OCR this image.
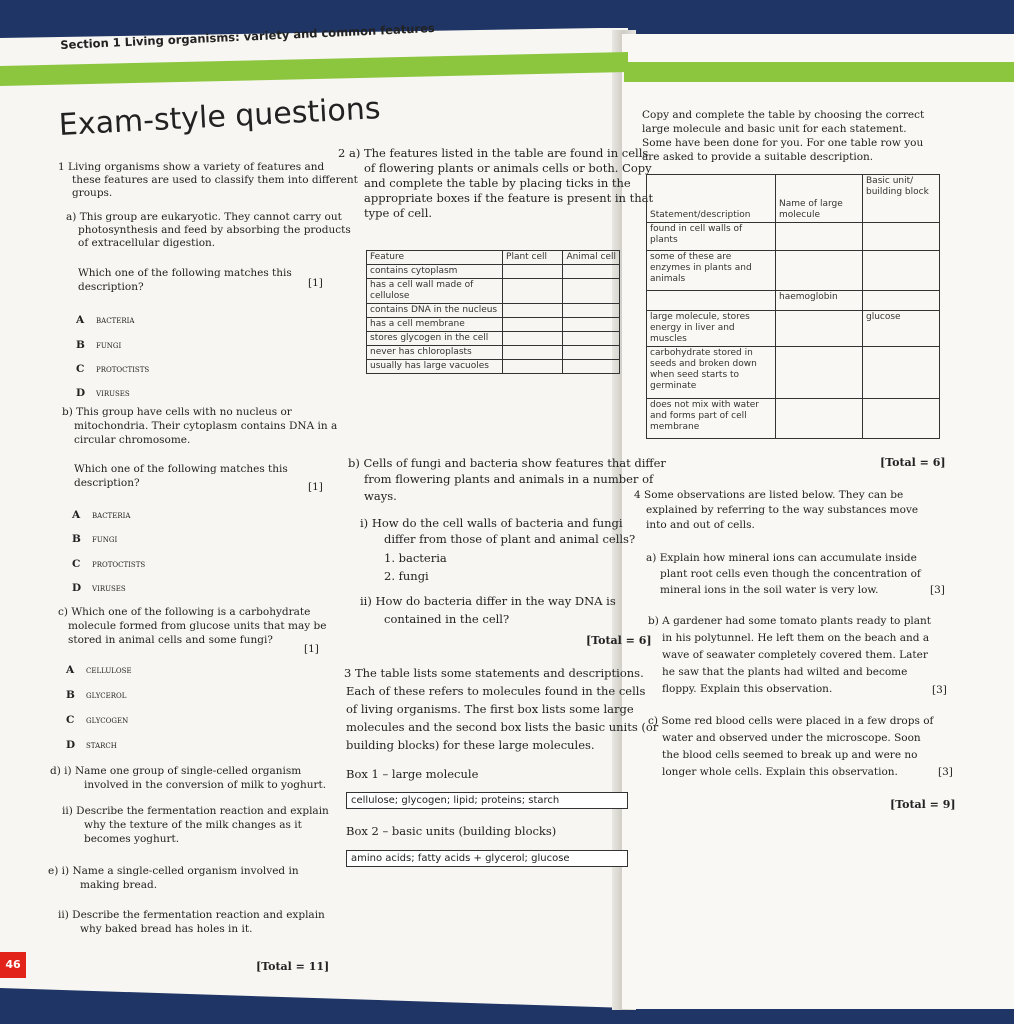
Section 1 Living organisms: variety and common features
Exam-style questions
46
1 Living organisms show a variety of features and
these features are used to classify them into different
groups.
a) This group are eukaryotic. They cannot carry out
photosynthesis and feed by absorbing the products
of extracellular digestion.
Which one of the following matches this
description?	[1]
A bacteria
B fungi
C protoctists
D viruses
b) This group have cells with no nucleus or
mitochondria. Their cytoplasm contains DNA in a
circular chromosome.
Which one of the following matches this
description?	[1]
A bacteria
B fungi
C protoctists
D viruses
c) Which one of the following is a carbohydrate
molecule formed from glucose units that may be
stored in animal cells and some fungi?
[1]
A cellulose
B glycerol
C glycogen
D starch
d) i) Name one group of single-celled organism
involved in the conversion of milk to yoghurt.
ii) Describe the fermentation reaction and explain
why the texture of the milk changes as it
becomes yoghurt.
e) i) Name a single-celled organism involved in
making bread.
ii) Describe the fermentation reaction and explain
why baked bread has holes in it.
[Total = 11]
2 a) The features listed in the table are found in cells
of flowering plants or animals cells or both. Copy
and complete the table by placing ticks in the
appropriate boxes if the feature is present in that
type of cell.
Feature	Plant cell	Animal cell
contains cytoplasm		
has a cell wall made of cellulose		
contains DNA in the nucleus		
has a cell membrane		
stores glycogen in the cell		
never has chloroplasts		
usually has large vacuoles		
b) Cells of fungi and bacteria show features that differ
from flowering plants and animals in a number of
ways.
i) How do the cell walls of bacteria and fungi
differ from those of plant and animal cells?
1. bacteria
2. fungi
ii) How do bacteria differ in the way DNA is
contained in the cell?
[Total = 6]
3 The table lists some statements and descriptions.
Each of these refers to molecules found in the cells
of living organisms. The first box lists some large
molecules and the second box lists the basic units (or
building blocks) for these large molecules.
Box 1 – large molecule
cellulose; glycogen; lipid; proteins; starch
Box 2 – basic units (building blocks)
amino acids; fatty acids + glycerol; glucose
Copy and complete the table by choosing the correct
large molecule and basic unit for each statement.
Some have been done for you. For one table row you
are asked to provide a suitable description.
Statement/description	Name of large molecule	Basic unit/ building block
found in cell walls of plants		
some of these are enzymes in plants and animals		
	haemoglobin	
large molecule, stores energy in liver and muscles		glucose
carbohydrate stored in seeds and broken down when seed starts to germinate		
does not mix with water and forms part of cell membrane		
[Total = 6]
4 Some observations are listed below. They can be
explained by referring to the way substances move
into and out of cells.
a) Explain how mineral ions can accumulate inside
plant root cells even though the concentration of
mineral ions in the soil water is very low.	[3]
b) A gardener had some tomato plants ready to plant
in his polytunnel. He left them on the beach and a
wave of seawater completely covered them. Later
he saw that the plants had wilted and become
floppy. Explain this observation.	[3]
c) Some red blood cells were placed in a few drops of
water and observed under the microscope. Soon
the blood cells seemed to break up and were no
longer whole cells. Explain this observation.	[3]
[Total = 9]
